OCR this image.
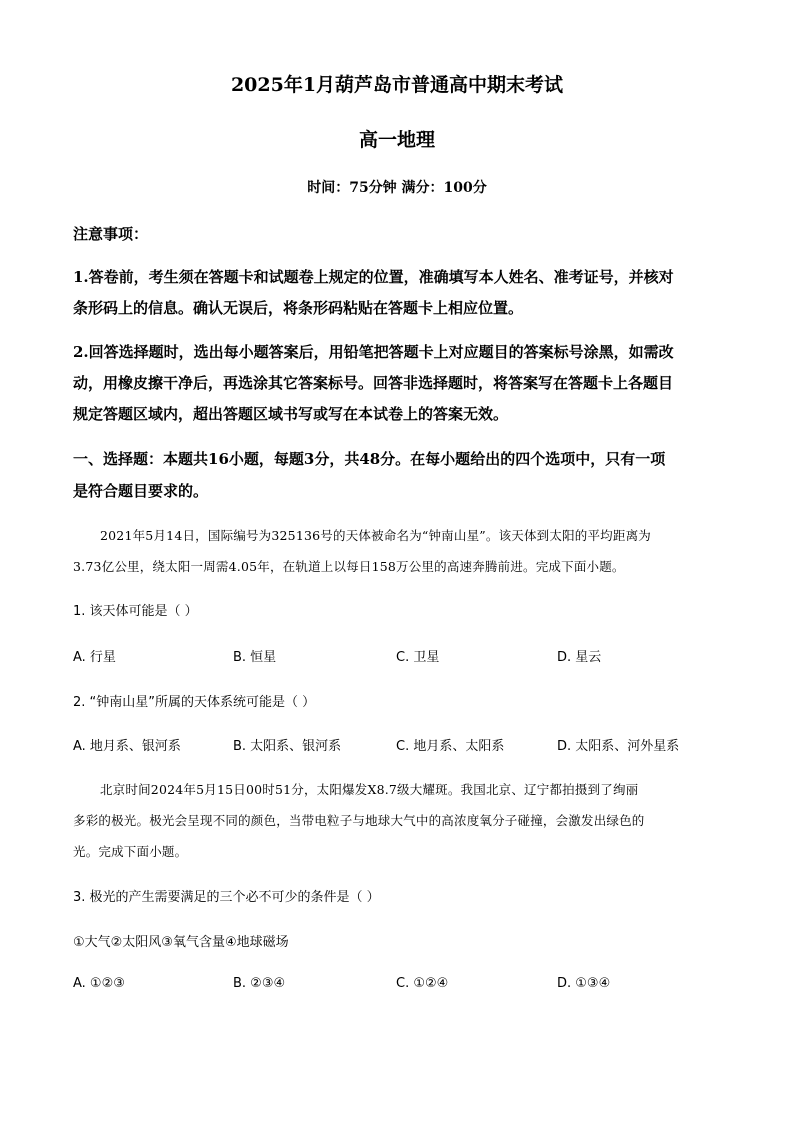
2025年1月葫芦岛市普通高中期末考试
高一地理
时间：75分钟 满分：100分
注意事项：
1.答卷前，考生须在答题卡和试题卷上规定的位置，准确填写本人姓名、准考证号，并核对
条形码上的信息。确认无误后，将条形码粘贴在答题卡上相应位置。
2.回答选择题时，选出每小题答案后，用铅笔把答题卡上对应题目的答案标号涂黑，如需改
动，用橡皮擦干净后，再选涂其它答案标号。回答非选择题时，将答案写在答题卡上各题目
规定答题区域内，超出答题区域书写或写在本试卷上的答案无效。
一、选择题：本题共16小题，每题3分，共48分。在每小题给出的四个选项中，只有一项
是符合题目要求的。
2021年5月14日，国际编号为325136号的天体被命名为“钟南山星”。该天体到太阳的平均距离为
3.73亿公里，绕太阳一周需4.05年，在轨道上以每日158万公里的高速奔腾前进。完成下面小题。
1. 该天体可能是（ ）
A. 行星	B. 恒星	C. 卫星	D. 星云
2. “钟南山星”所属的天体系统可能是（ ）
A. 地月系、银河系	B. 太阳系、银河系	C. 地月系、太阳系	D. 太阳系、河外星系
北京时间2024年5月15日00时51分，太阳爆发X8.7级大耀斑。我国北京、辽宁都拍摄到了绚丽
多彩的极光。极光会呈现不同的颜色，当带电粒子与地球大气中的高浓度氧分子碰撞，会激发出绿色的
光。完成下面小题。
3. 极光的产生需要满足的三个必不可少的条件是（ ）
①大气②太阳风③氧气含量④地球磁场
A. ①②③	B. ②③④	C. ①②④	D. ①③④
